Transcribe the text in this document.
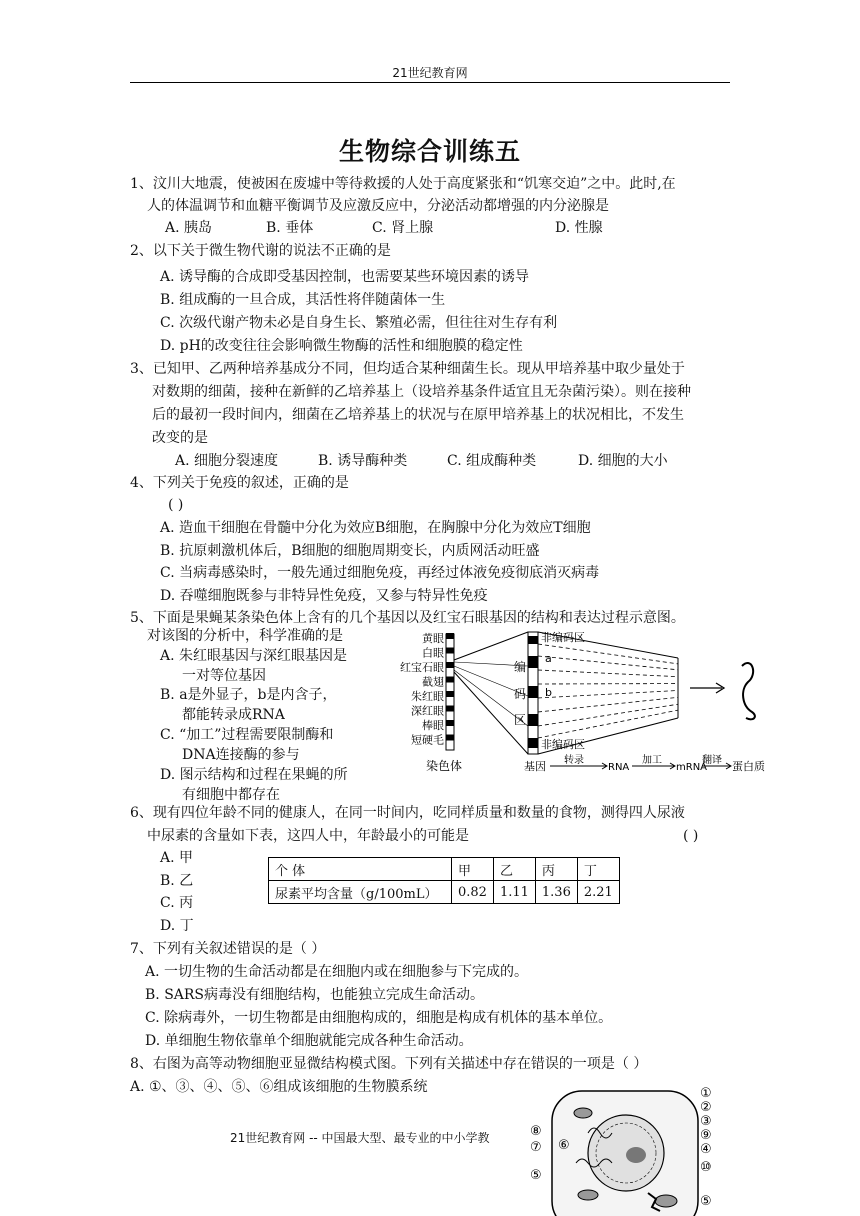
21世纪教育网
生物综合训练五
1、汶川大地震，使被困在废墟中等待救援的人处于高度紧张和“饥寒交迫”之中。此时,在
人的体温调节和血糖平衡调节及应激反应中，分泌活动都增强的内分泌腺是
A. 胰岛	B. 垂体	C. 肾上腺	D. 性腺
2、以下关于微生物代谢的说法不正确的是
A. 诱导酶的合成即受基因控制，也需要某些环境因素的诱导
B. 组成酶的一旦合成，其活性将伴随菌体一生
C. 次级代谢产物未必是自身生长、繁殖必需，但往往对生存有利
D. pH的改变往往会影响微生物酶的活性和细胞膜的稳定性
3、已知甲、乙两种培养基成分不同，但均适合某种细菌生长。现从甲培养基中取少量处于
对数期的细菌，接种在新鲜的乙培养基上（设培养基条件适宜且无杂菌污染）。则在接种
后的最初一段时间内，细菌在乙培养基上的状况与在原甲培养基上的状况相比，不发生
改变的是
A. 细胞分裂速度	B. 诱导酶种类	C. 组成酶种类	D. 细胞的大小
4、下列关于免疫的叙述，正确的是
( )
A. 造血干细胞在骨髓中分化为效应B细胞，在胸腺中分化为效应T细胞
B. 抗原刺激机体后，B细胞的细胞周期变长，内质网活动旺盛
C. 当病毒感染时，一般先通过细胞免疫，再经过体液免疫彻底消灭病毒
D. 吞噬细胞既参与非特异性免疫，又参与特异性免疫
5、下面是果蝇某条染色体上含有的几个基因以及红宝石眼基因的结构和表达过程示意图。
对该图的分析中，科学准确的是
A. 朱红眼基因与深红眼基因是
一对等位基因
B. a是外显子，b是内含子，
都能转录成RNA
C. “加工”过程需要限制酶和
DNA连接酶的参与
D. 图示结构和过程在果蝇的所
有细胞中都存在
黄眼
白眼
红宝石眼
截翅
朱红眼
深红眼
棒眼
短硬毛
非编码区
非编码区
编
码
区
a
b
染色体	基因 转录
RNA
加工
mRNA
翻译 蛋白质
6、现有四位年龄不同的健康人，在同一时间内，吃同样质量和数量的食物，测得四人尿液
中尿素的含量如下表，这四人中，年龄最小的可能是	( )
A. 甲
B. 乙
C. 丙
D. 丁
个 体	甲	乙	丙	丁
尿素平均含量（g/100mL）	0.82	1.11	1.36	2.21
7、下列有关叙述错误的是（ ）
A. 一切生物的生命活动都是在细胞内或在细胞参与下完成的。
B. SARS病毒没有细胞结构，也能独立完成生命活动。
C. 除病毒外，一切生物都是由细胞构成的，细胞是构成有机体的基本单位。
D. 单细胞生物依靠单个细胞就能完成各种生命活动。
8、右图为高等动物细胞亚显微结构模式图。下列有关描述中存在错误的一项是（ ）
A. ①、③、④、⑤、⑥组成该细胞的生物膜系统	①
②
③
⑨
④
⑩
⑤
⑧
⑦ ⑥
⑤
21世纪教育网 -- 中国最大型、最专业的中小学教
